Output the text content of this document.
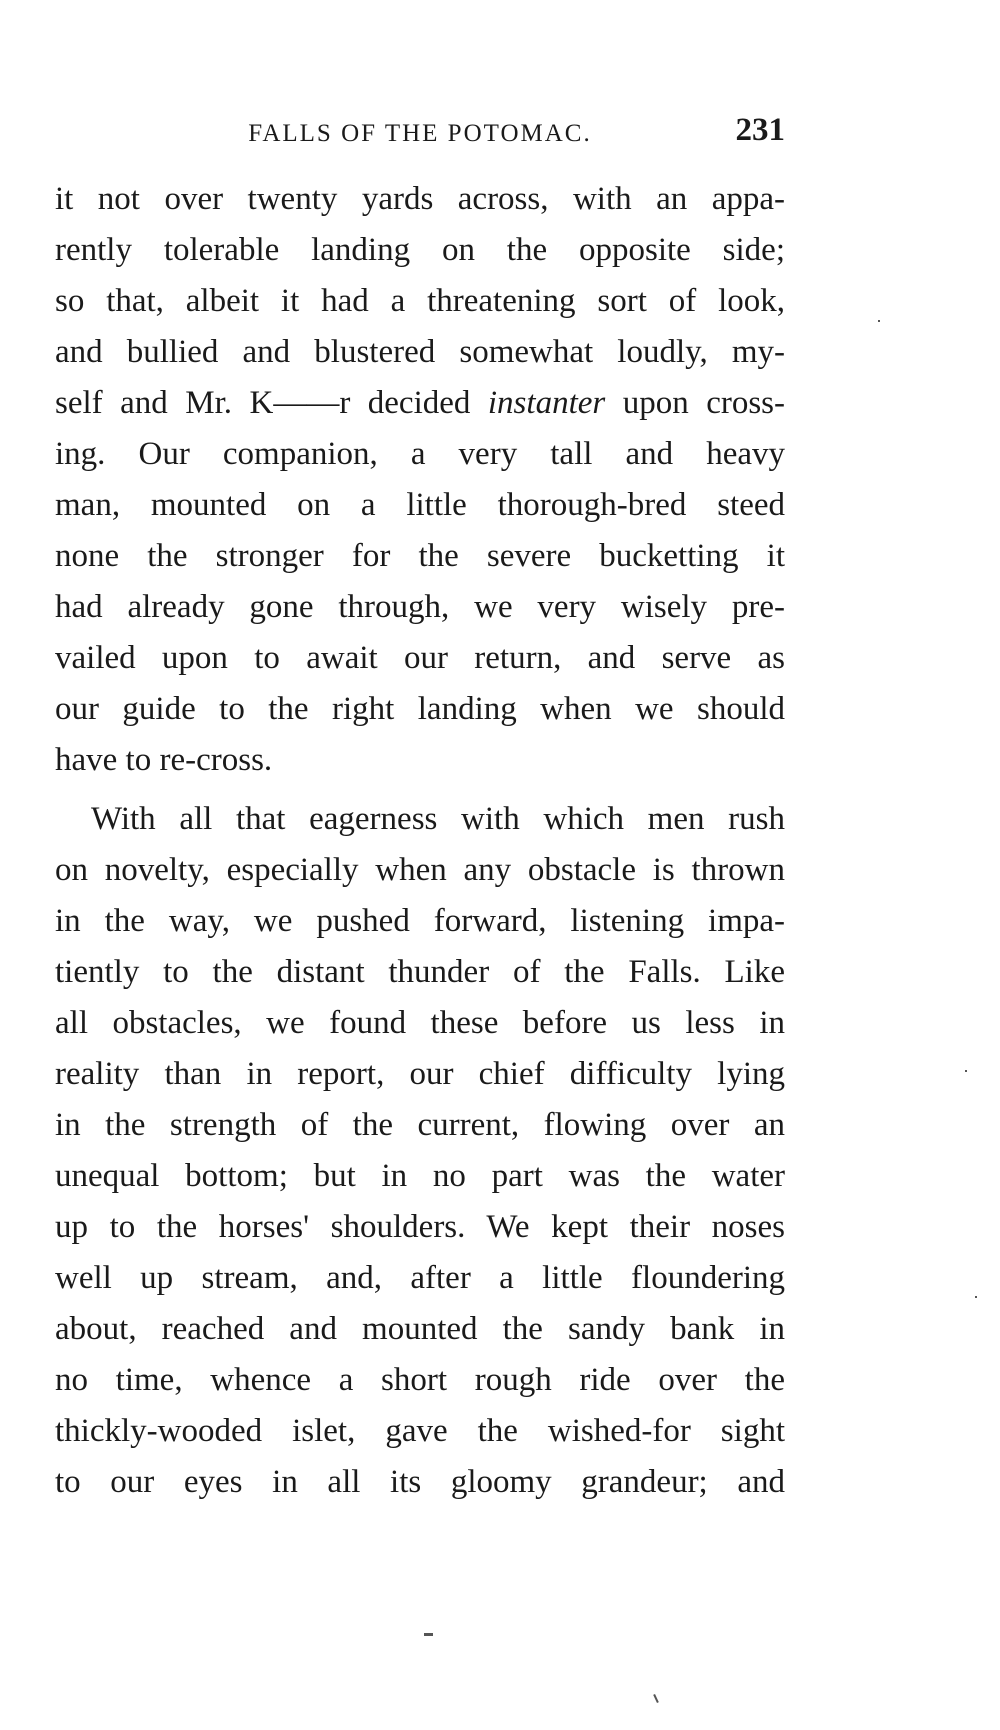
FALLS OF THE POTOMAC.	231
it not over twenty yards across, with an appa-
rently tolerable landing on the opposite side;
so that, albeit it had a threatening sort of look,
and bullied and blustered somewhat loudly, my-
self and Mr. K——r decided instanter upon cross-
ing. Our companion, a very tall and heavy
man, mounted on a little thorough-bred steed
none the stronger for the severe bucketting it
had already gone through, we very wisely pre-
vailed upon to await our return, and serve as
our guide to the right landing when we should
have to re-cross.
With all that eagerness with which men rush
on novelty, especially when any obstacle is thrown
in the way, we pushed forward, listening impa-
tiently to the distant thunder of the Falls. Like
all obstacles, we found these before us less in
reality than in report, our chief difficulty lying
in the strength of the current, flowing over an
unequal bottom; but in no part was the water
up to the horses' shoulders. We kept their noses
well up stream, and, after a little floundering
about, reached and mounted the sandy bank in
no time, whence a short rough ride over the
thickly-wooded islet, gave the wished-for sight
to our eyes in all its gloomy grandeur; and
